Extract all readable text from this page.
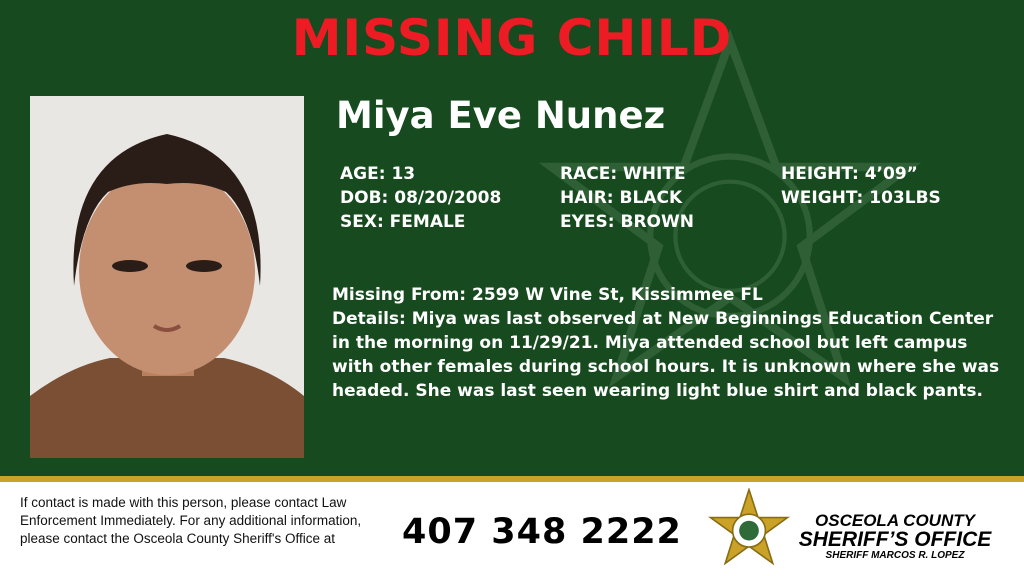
MISSING CHILD
Miya Eve Nunez
AGE: 13
DOB: 08/20/2008
SEX: FEMALE
RACE: WHITE
HAIR: BLACK
EYES: BROWN
HEIGHT: 4’09”
WEIGHT: 103LBS

Missing From: 2599 W Vine St, Kissimmee FL

Details: Miya was last observed at New Beginnings Education Center in the morning on 11/29/21. Miya attended school but left campus with other females during school hours. It is unknown where she was headed. She was last seen wearing light blue shirt and black pants.

If contact is made with this person, please contact Law Enforcement Immediately. For any additional information, please contact the Osceola County Sheriff's Office at	407 348 2222	OSCEOLA COUNTY
SHERIFF’S OFFICE
SHERIFF MARCOS R. LOPEZ
